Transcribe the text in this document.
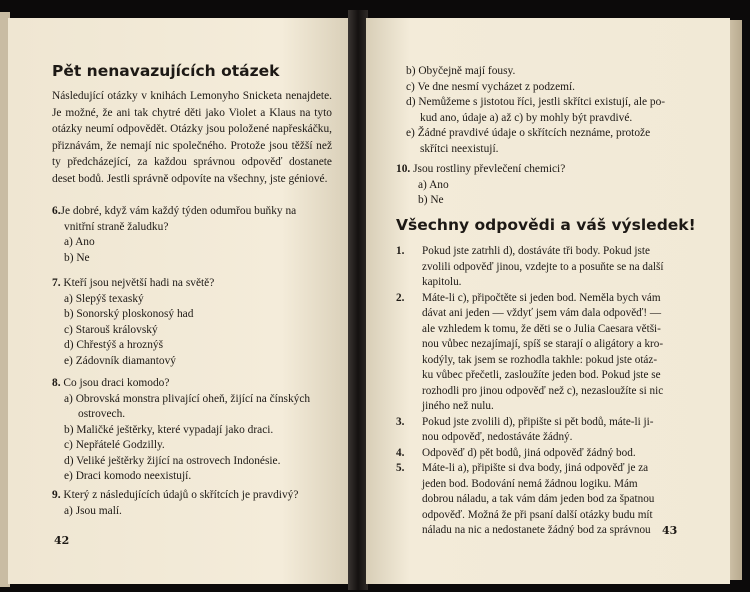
Pět nenavazujících otázek

Následující otázky v knihách Lemonyho Snicketa nenajdete. Je možné, že ani tak chytré děti jako Violet a Klaus na tyto otázky neumí odpovědět. Otázky jsou položené napřeskáčku, přiznávám, že nemají nic společného. Protože jsou těžší než ty předcházející, za každou správnou odpověď dostanete deset bodů. Jestli správně odpovíte na všechny, jste géniové.

6.Je dobré, když vám každý týden odumřou buňky na
vnitřní straně žaludku?
a) Ano
b) Ne
7. Kteří jsou největší hadi na světě?
a) Slepýš texaský
b) Sonorský ploskonosý had
c) Starouš královský
d) Chřestýš a hroznýš
e) Zádovník diamantový
8. Co jsou draci komodo?
a) Obrovská monstra plivající oheň, žijící na čínských
ostrovech.
b) Maličké ještěrky, které vypadají jako draci.
c) Nepřátelé Godzilly.
d) Veliké ještěrky žijící na ostrovech Indonésie.
e) Draci komodo neexistují.
9. Který z následujících údajů o skřítcích je pravdivý?
a) Jsou malí.
42
b) Obyčejně mají fousy.
c) Ve dne nesmí vycházet z podzemí.
d) Nemůžeme s jistotou říci, jestli skřítci existují, ale po-
kud ano, údaje a) až c) by mohly být pravdivé.
e) Žádné pravdivé údaje o skřítcích neznáme, protože
skřítci neexistují.
10. Jsou rostliny převlečení chemici?
a) Ano
b) Ne
Všechny odpovědi a váš výsledek!
1. Pokud jste zatrhli d), dostáváte tři body. Pokud jste
zvolili odpověď jinou, vzdejte to a posuňte se na další
kapitolu.
2. Máte-li c), připočtěte si jeden bod. Neměla bych vám
dávat ani jeden — vždyť jsem vám dala odpověď! —
ale vzhledem k tomu, že děti se o Julia Caesara větši-
nou vůbec nezajímají, spíš se starají o aligátory a kro-
kodýly, tak jsem se rozhodla takhle: pokud jste otáz-
ku vůbec přečetli, zasloužíte jeden bod. Pokud jste se
rozhodli pro jinou odpověď než c), nezasloužíte si nic
jiného než nulu.
3. Pokud jste zvolili d), připište si pět bodů, máte-li ji-
nou odpověď, nedostáváte žádný.
4. Odpověď d) pět bodů, jiná odpověď žádný bod.
5. Máte-li a), připište si dva body, jiná odpověď je za
jeden bod. Bodování nemá žádnou logiku. Mám
dobrou náladu, a tak vám dám jeden bod za špatnou
odpověď. Možná že při psaní další otázky budu mít
náladu na nic a nedostanete žádný bod za správnou	43
